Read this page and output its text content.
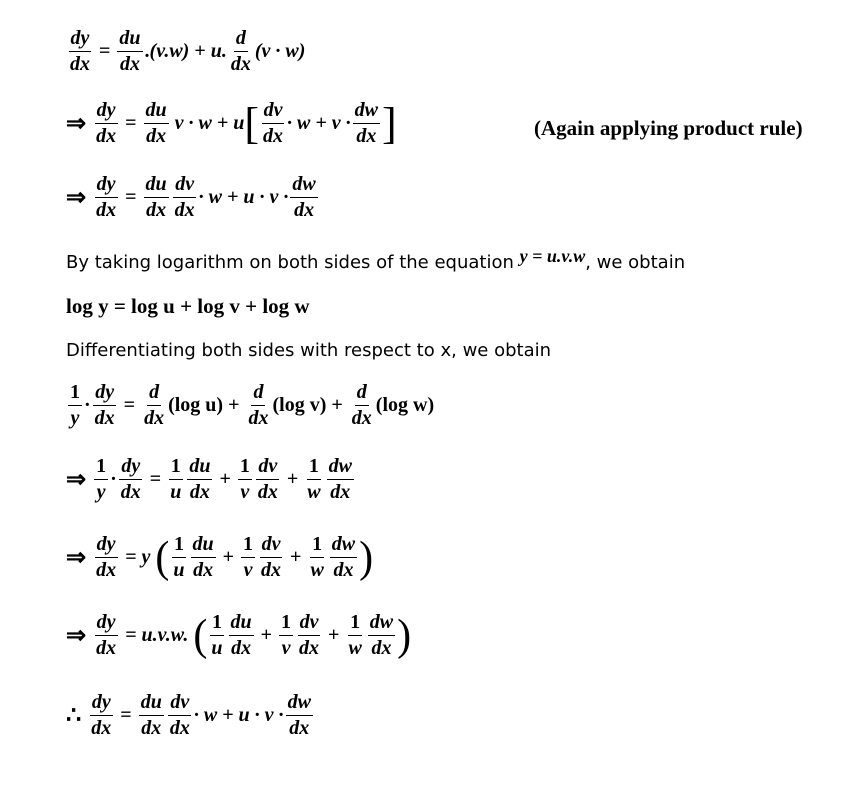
$\frac{dy}{dx} = \frac{du}{dx}$ . (v.w) + u. $\frac{d}{dx} (v \cdot w)$
⇒ $\frac{dy}{dx} = \frac{du}{dx}$ v · w + u [ $\frac{dv}{dx} \cdot w + v \cdot \frac{dw}{dx}$ ]	(Again applying product rule)
⇒ $\frac{dy}{dx} = \frac{du}{dx} \frac{dv}{dx} \cdot w + u \cdot v \cdot \frac{dw}{dx}$
By taking logarithm on both sides of the equation y = u.v.w, we obtain
log y = log u + log v + log w
Differentiating both sides with respect to x, we obtain
$\frac{1}{y} \cdot \frac{dy}{dx} = \frac{d}{dx} (\log$ $u) + \frac{d}{dx} (\log$ $v) + \frac{d}{dx} (\log$ w)
⇒ $\frac{1}{y} \cdot \frac{dy}{dx} = \frac{1}{u} \frac{du}{dx} + \frac{1}{v} \frac{dv}{dx} + \frac{1}{w} \frac{dw}{dx}$
⇒ $\frac{dy}{dx} = y$ ( $\frac{1}{u} \frac{du}{dx} + \frac{1}{v} \frac{dv}{dx} + \frac{1}{w} \frac{dw}{dx}$ )
⇒ $\frac{dy}{dx} = u.v.w$. ( $\frac{1}{u} \frac{du}{dx} + \frac{1}{v} \frac{dv}{dx} + \frac{1}{w} \frac{dw}{dx}$ )
∴ $\frac{dy}{dx} = \frac{du}{dx} \frac{dv}{dx} \cdot w + u \cdot v \cdot \frac{dw}{dx}$
